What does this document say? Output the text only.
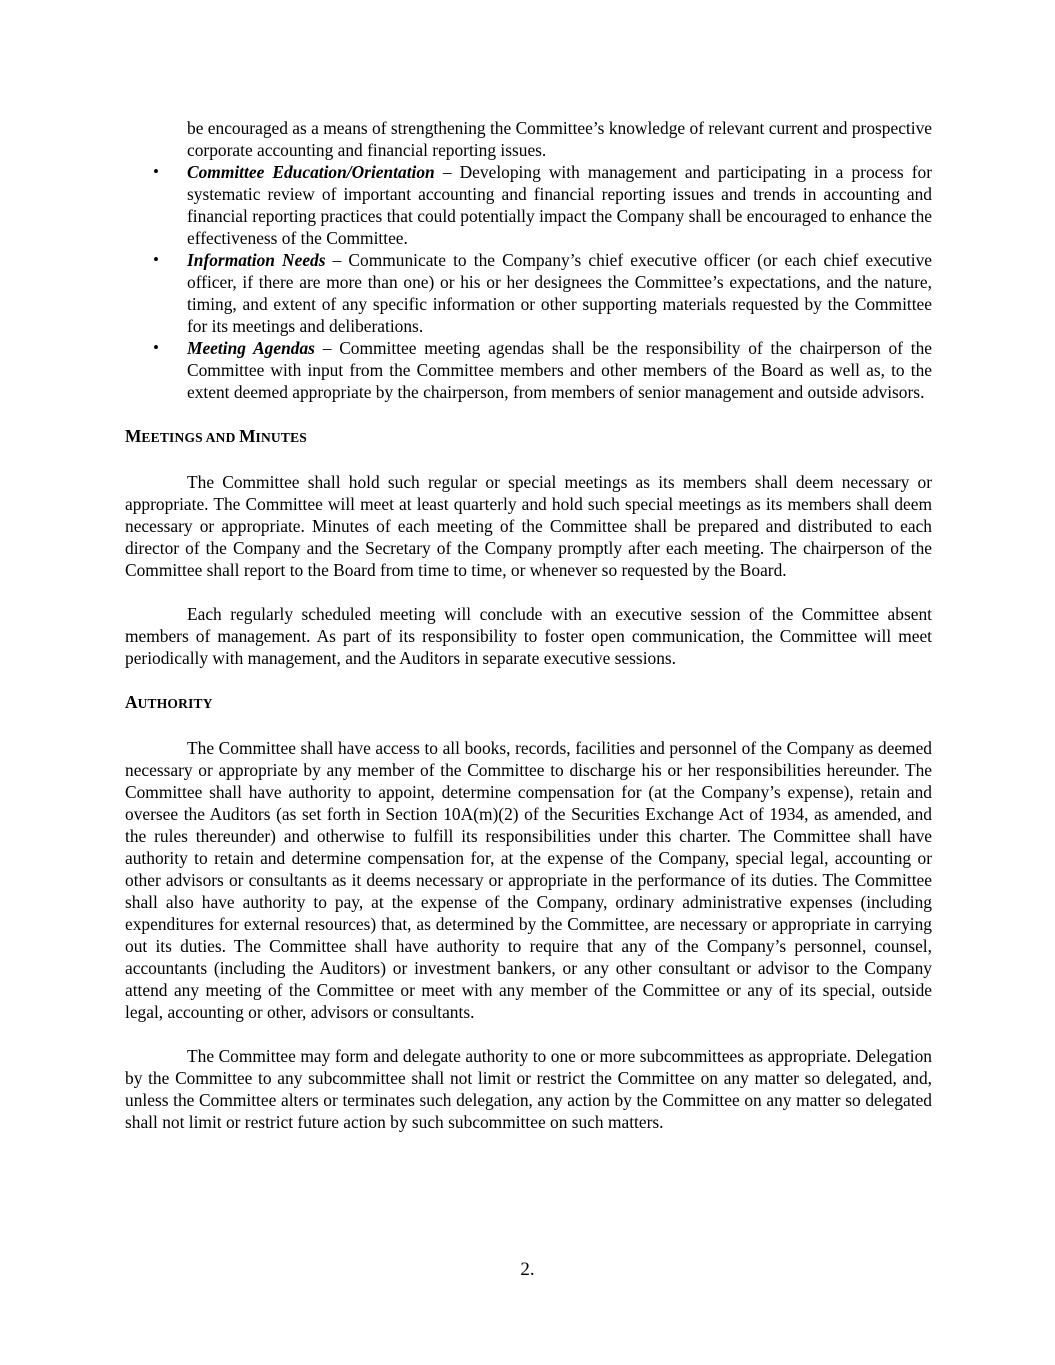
be encouraged as a means of strengthening the Committee’s knowledge of relevant current and prospective corporate accounting and financial reporting issues.

• Committee Education/Orientation – Developing with management and participating in a process for systematic review of important accounting and financial reporting issues and trends in accounting and financial reporting practices that could potentially impact the Company shall be encouraged to enhance the effectiveness of the Committee.
• Information Needs – Communicate to the Company’s chief executive officer (or each chief executive officer, if there are more than one) or his or her designees the Committee’s expectations, and the nature, timing, and extent of any specific information or other supporting materials requested by the Committee for its meetings and deliberations.
• Meeting Agendas – Committee meeting agendas shall be the responsibility of the chairperson of the Committee with input from the Committee members and other members of the Board as well as, to the extent deemed appropriate by the chairperson, from members of senior management and outside advisors.
MEETINGS AND MINUTES

The Committee shall hold such regular or special meetings as its members shall deem necessary or appropriate. The Committee will meet at least quarterly and hold such special meetings as its members shall deem necessary or appropriate. Minutes of each meeting of the Committee shall be prepared and distributed to each director of the Company and the Secretary of the Company promptly after each meeting. The chairperson of the Committee shall report to the Board from time to time, or whenever so requested by the Board.

Each regularly scheduled meeting will conclude with an executive session of the Committee absent members of management. As part of its responsibility to foster open communication, the Committee will meet periodically with management, and the Auditors in separate executive sessions.

AUTHORITY

The Committee shall have access to all books, records, facilities and personnel of the Company as deemed necessary or appropriate by any member of the Committee to discharge his or her responsibilities hereunder. The Committee shall have authority to appoint, determine compensation for (at the Company’s expense), retain and oversee the Auditors (as set forth in Section 10A(m)(2) of the Securities Exchange Act of 1934, as amended, and the rules thereunder) and otherwise to fulfill its responsibilities under this charter. The Committee shall have authority to retain and determine compensation for, at the expense of the Company, special legal, accounting or other advisors or consultants as it deems necessary or appropriate in the performance of its duties. The Committee shall also have authority to pay, at the expense of the Company, ordinary administrative expenses (including expenditures for external resources) that, as determined by the Committee, are necessary or appropriate in carrying out its duties. The Committee shall have authority to require that any of the Company’s personnel, counsel, accountants (including the Auditors) or investment bankers, or any other consultant or advisor to the Company attend any meeting of the Committee or meet with any member of the Committee or any of its special, outside legal, accounting or other, advisors or consultants.

The Committee may form and delegate authority to one or more subcommittees as appropriate. Delegation by the Committee to any subcommittee shall not limit or restrict the Committee on any matter so delegated, and, unless the Committee alters or terminates such delegation, any action by the Committee on any matter so delegated shall not limit or restrict future action by such subcommittee on such matters.

2.
